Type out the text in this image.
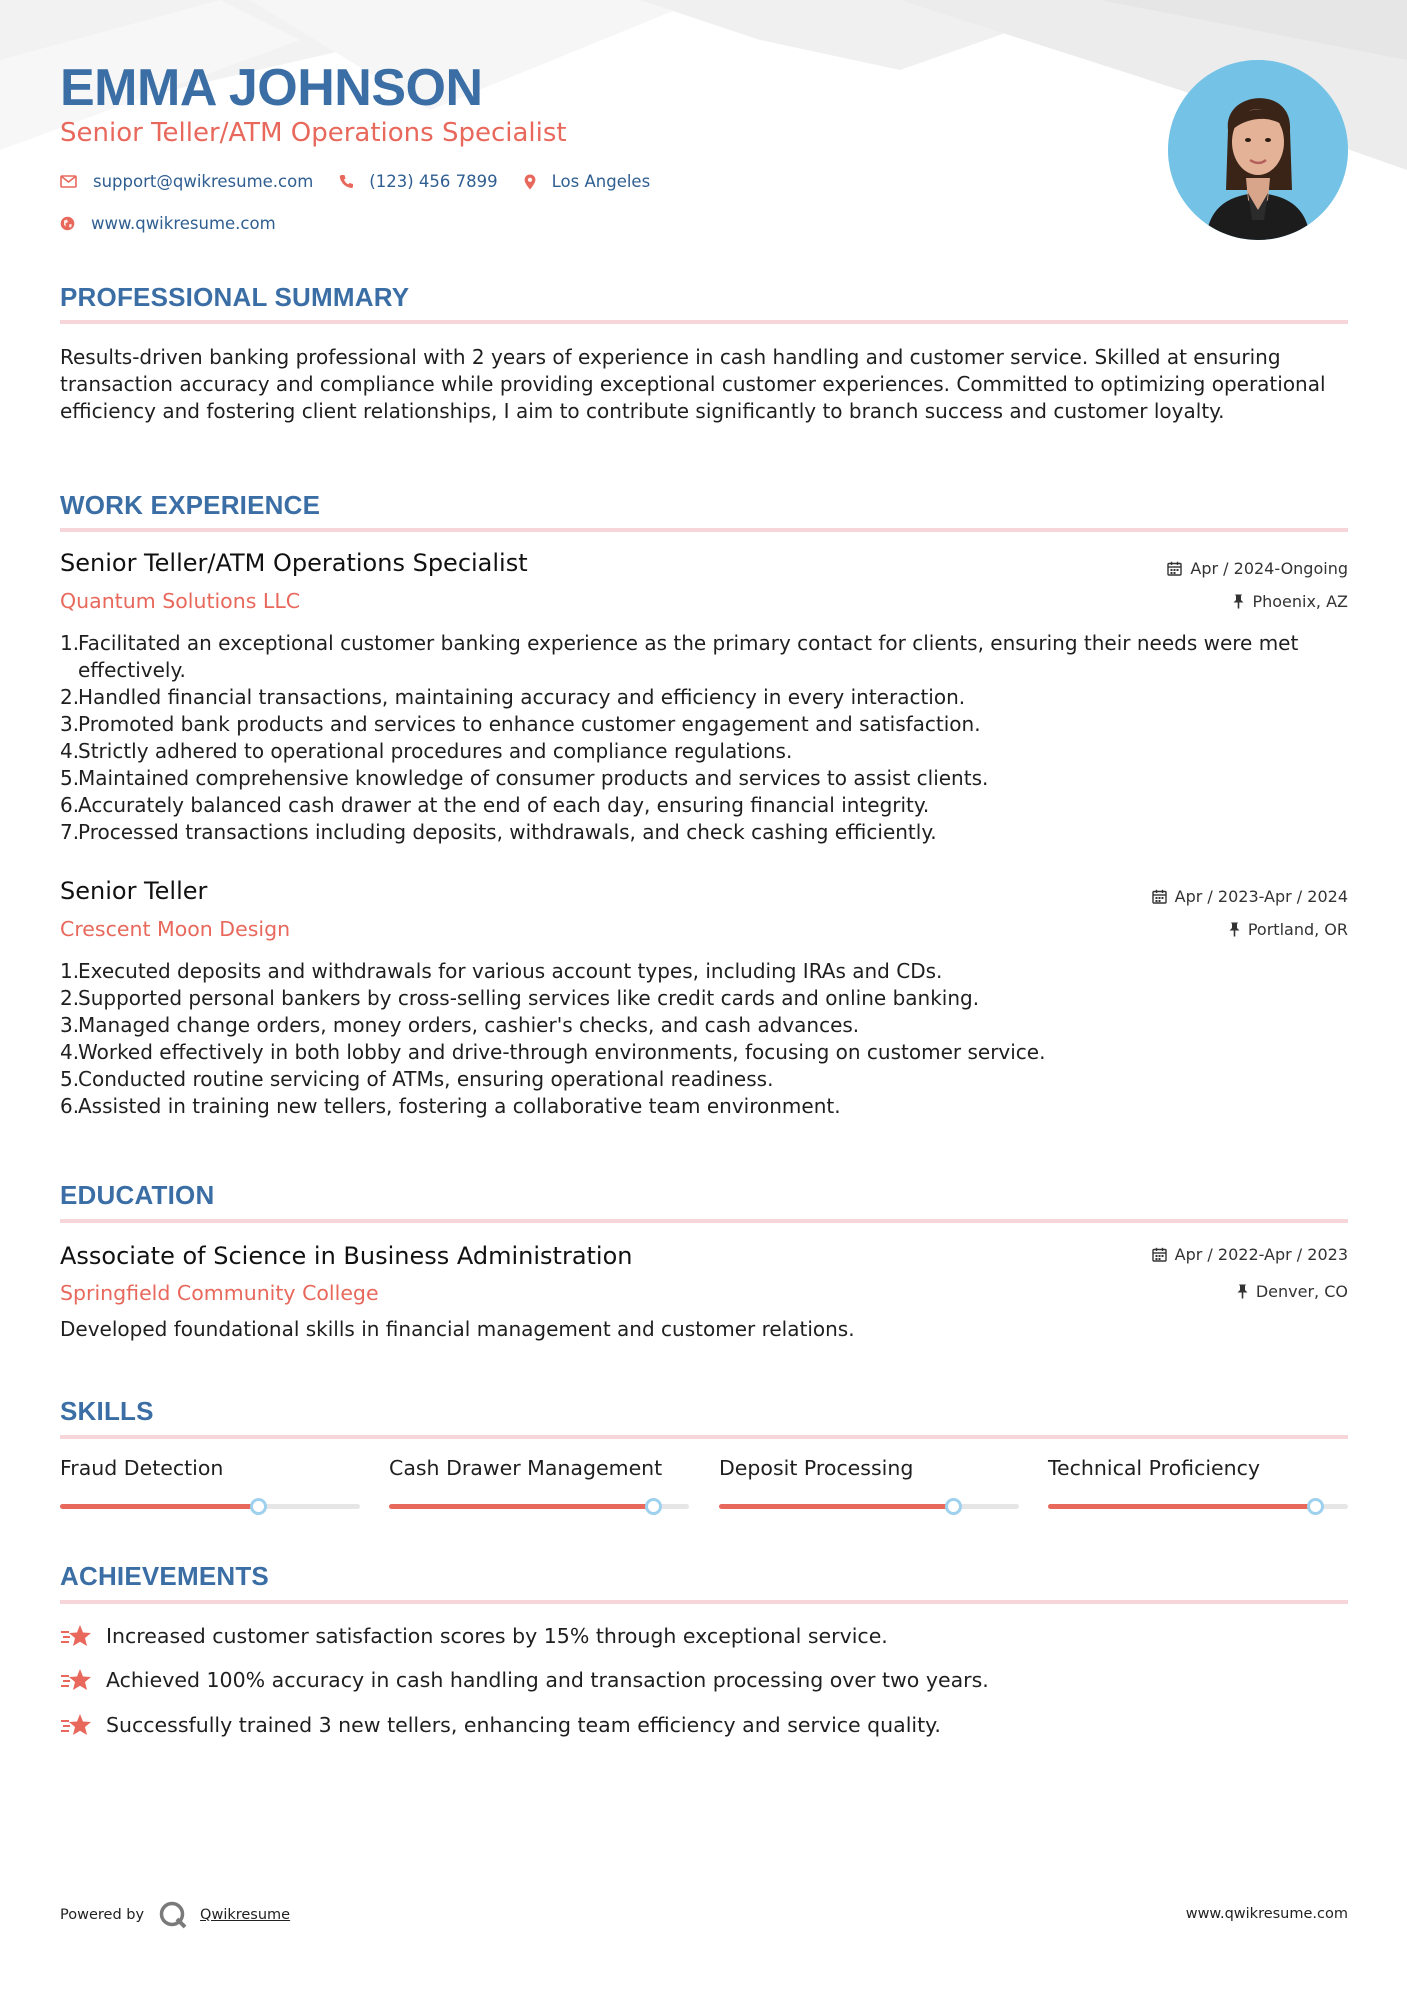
EMMA JOHNSON
Senior Teller/ATM Operations Specialist
support@qwikresume.com	(123) 456 7899	Los Angeles
www.qwikresume.com
PROFESSIONAL SUMMARY
Results-driven banking professional with 2 years of experience in cash handling and customer service. Skilled at ensuring transaction accuracy and compliance while providing exceptional customer experiences. Committed to optimizing operational efficiency and fostering client relationships, I aim to contribute significantly to branch success and customer loyalty.
WORK EXPERIENCE
Senior Teller/ATM Operations Specialist
Quantum Solutions LLC
Apr / 2024-Ongoing
Phoenix, AZ
Facilitated an exceptional customer banking experience as the primary contact for clients, ensuring their needs were met effectively.
Handled financial transactions, maintaining accuracy and efficiency in every interaction.
Promoted bank products and services to enhance customer engagement and satisfaction.
Strictly adhered to operational procedures and compliance regulations.
Maintained comprehensive knowledge of consumer products and services to assist clients.
Accurately balanced cash drawer at the end of each day, ensuring financial integrity.
Processed transactions including deposits, withdrawals, and check cashing efficiently.
Senior Teller
Crescent Moon Design
Apr / 2023-Apr / 2024
Portland, OR
Executed deposits and withdrawals for various account types, including IRAs and CDs.
Supported personal bankers by cross-selling services like credit cards and online banking.
Managed change orders, money orders, cashier's checks, and cash advances.
Worked effectively in both lobby and drive-through environments, focusing on customer service.
Conducted routine servicing of ATMs, ensuring operational readiness.
Assisted in training new tellers, fostering a collaborative team environment.
EDUCATION
Associate of Science in Business Administration
Springfield Community College
Apr / 2022-Apr / 2023
Denver, CO
Developed foundational skills in financial management and customer relations.
SKILLS
Fraud Detection	Cash Drawer Management	Deposit Processing	Technical Proficiency
ACHIEVEMENTS
Increased customer satisfaction scores by 15% through exceptional service.
Achieved 100% accuracy in cash handling and transaction processing over two years.
Successfully trained 3 new tellers, enhancing team efficiency and service quality.
Powered by	Qwikresume	www.qwikresume.com
